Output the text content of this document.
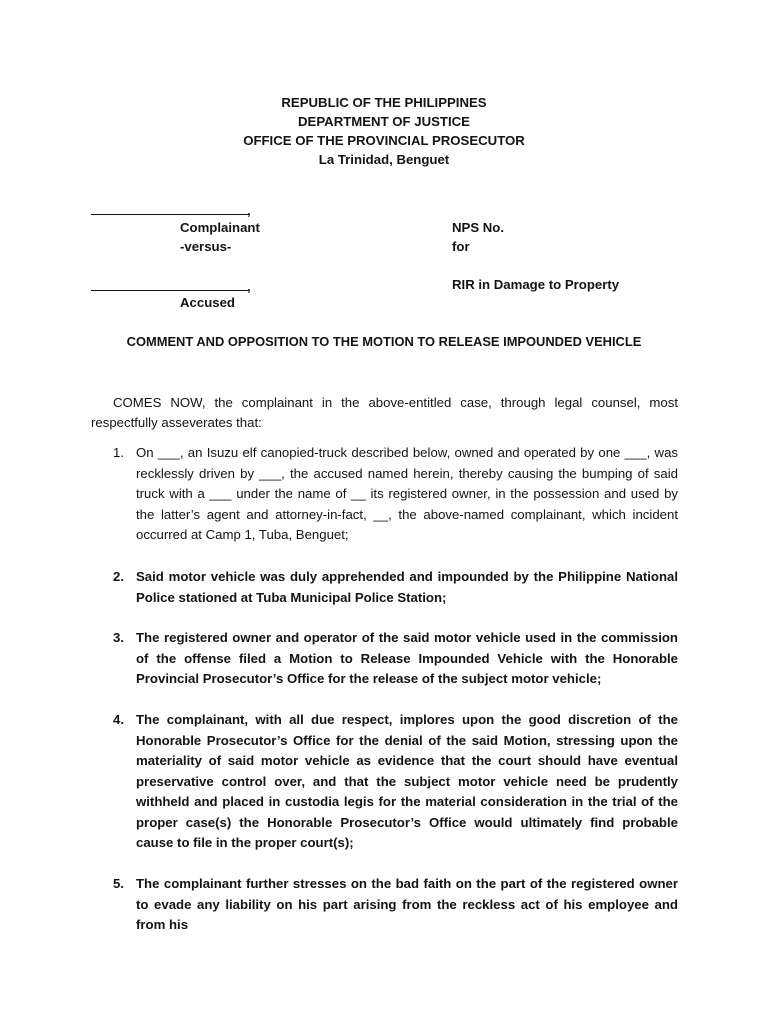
REPUBLIC OF THE PHILIPPINES
DEPARTMENT OF JUSTICE
OFFICE OF THE PROVINCIAL PROSECUTOR
La Trinidad, Benguet
,
Complainant
-versus-
,
Accused
NPS No.
for
RIR in Damage to Property
COMMENT AND OPPOSITION TO THE MOTION TO RELEASE IMPOUNDED VEHICLE
COMES NOW, the complainant in the above-entitled case, through legal counsel, most respectfully asseverates that:
1. On ___, an Isuzu elf canopied-truck described below, owned and operated by one ___, was recklessly driven by ___, the accused named herein, thereby causing the bumping of said truck with a ___ under the name of __ its registered owner, in the possession and used by the latter’s agent and attorney-in-fact, __, the above-named complainant, which incident occurred at Camp 1, Tuba, Benguet;
2. Said motor vehicle was duly apprehended and impounded by the Philippine National Police stationed at Tuba Municipal Police Station;
3. The registered owner and operator of the said motor vehicle used in the commission of the offense filed a Motion to Release Impounded Vehicle with the Honorable Provincial Prosecutor’s Office for the release of the subject motor vehicle;
4. The complainant, with all due respect, implores upon the good discretion of the Honorable Prosecutor’s Office for the denial of the said Motion, stressing upon the materiality of said motor vehicle as evidence that the court should have eventual preservative control over, and that the subject motor vehicle need be prudently withheld and placed in custodia legis for the material consideration in the trial of the proper case(s) the Honorable Prosecutor’s Office would ultimately find probable cause to file in the proper court(s);
5. The complainant further stresses on the bad faith on the part of the registered owner to evade any liability on his part arising from the reckless act of his employee and from his
